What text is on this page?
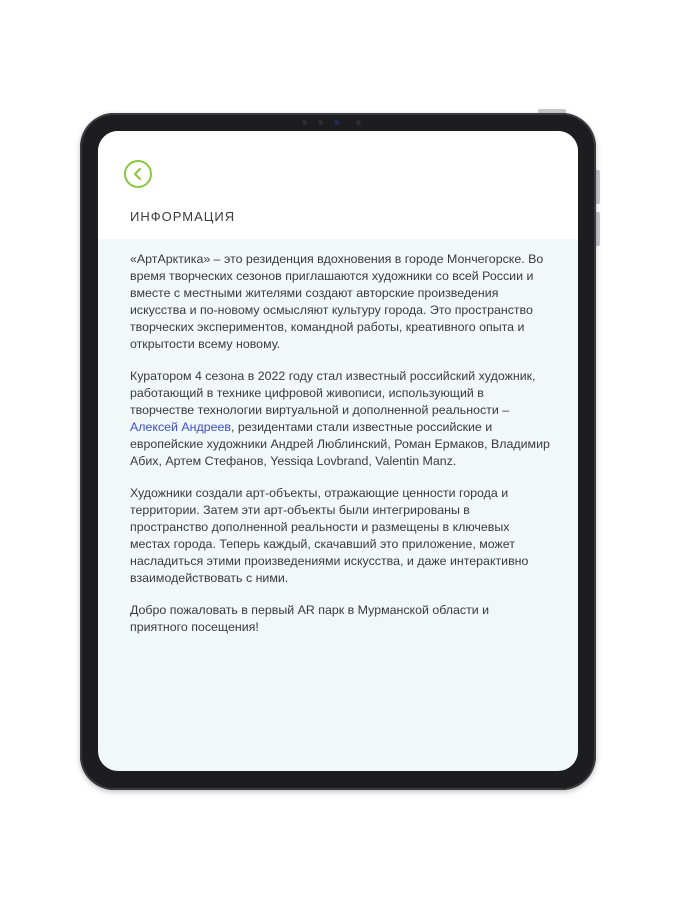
ИНФОРМАЦИЯ

«АртАрктика» – это резиденция вдохновения в городе Мончегорске. Во время творческих сезонов приглашаются художники со всей России и вместе с местными жителями создают авторские произведения искусства и по-новому осмысляют культуру города. Это пространство творческих экспериментов, командной работы, креативного опыта и открытости всему новому.

Куратором 4 сезона в 2022 году стал известный российский художник, работающий в технике цифровой живописи, использующий в творчестве технологии виртуальной и дополненной реальности – Алексей Андреев, резидентами стали известные российские и европейские художники Андрей Люблинский, Роман Ермаков, Владимир Абих, Артем Стефанов, Yessiqa Lovbrand, Valentin Manz.

Художники создали арт-объекты, отражающие ценности города и территории. Затем эти арт-объекты были интегрированы в пространство дополненной реальности и размещены в ключевых местах города. Теперь каждый, скачавший это приложение, может насладиться этими произведениями искусства, и даже интерактивно взаимодействовать с ними.

Добро пожаловать в первый AR парк в Мурманской области и приятного посещения!
